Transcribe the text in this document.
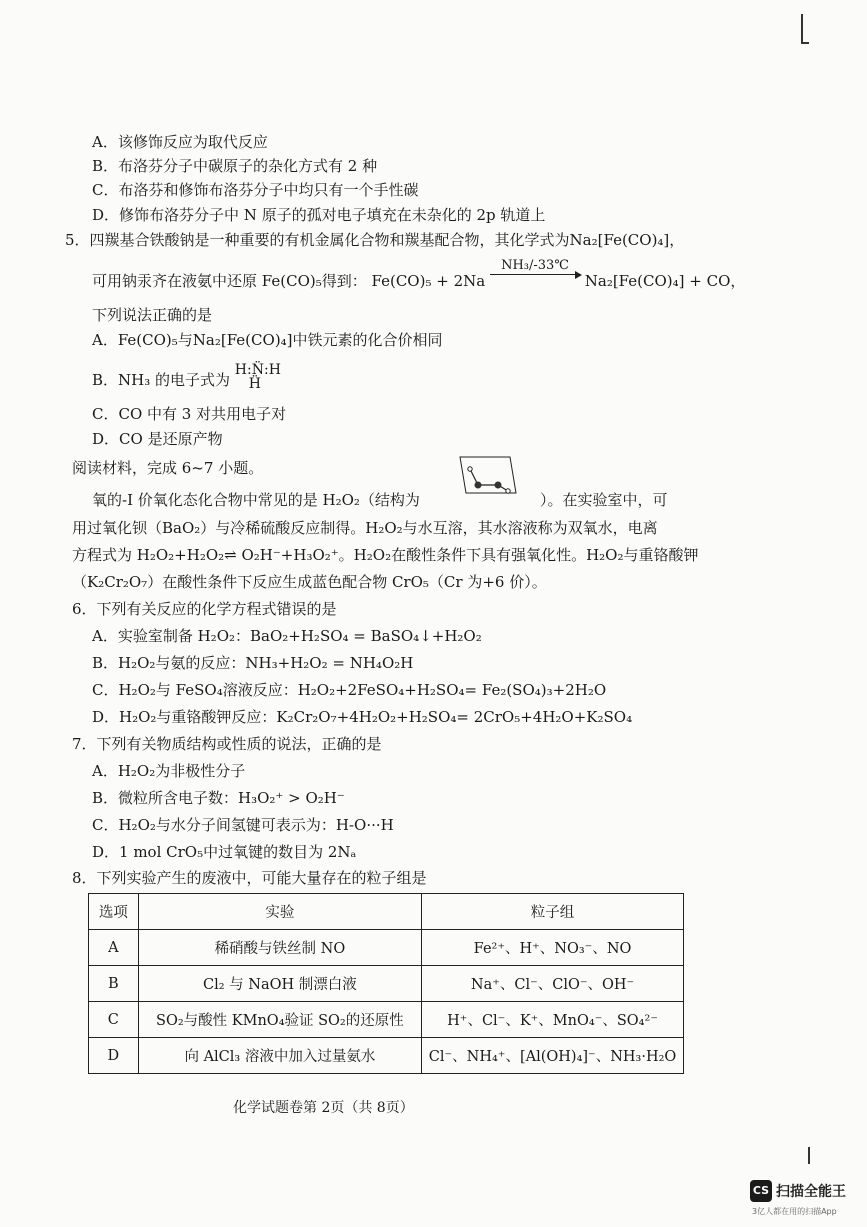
A．该修饰反应为取代反应
B．布洛芬分子中碳原子的杂化方式有 2 种
C．布洛芬和修饰布洛芬分子中均只有一个手性碳
D．修饰布洛芬分子中 N 原子的孤对电子填充在未杂化的 2p 轨道上
5．四羰基合铁酸钠是一种重要的有机金属化合物和羰基配合物，其化学式为Na₂[Fe(CO)₄]，
可用钠汞齐在液氨中还原 Fe(CO)₅得到： Fe(CO)₅ + 2Na
NH₃/-33℃
Na₂[Fe(CO)₄] + CO，
下列说法正确的是
A．Fe(CO)₅与Na₂[Fe(CO)₄]中铁元素的化合价相同
B．NH₃ 的电子式为
H:N̈:H
Ḧ
C．CO 中有 3 对共用电子对
D．CO 是还原产物
阅读材料，完成 6~7 小题。
氧的-I 价氧化态化合物中常见的是 H₂O₂（结构为	）。在实验室中，可
用过氧化钡（BaO₂）与冷稀硫酸反应制得。H₂O₂与水互溶，其水溶液称为双氧水，电离
方程式为 H₂O₂+H₂O₂⇌ O₂H⁻+H₃O₂⁺。H₂O₂在酸性条件下具有强氧化性。H₂O₂与重铬酸钾
（K₂Cr₂O₇）在酸性条件下反应生成蓝色配合物 CrO₅（Cr 为+6 价）。
6．下列有关反应的化学方程式错误的是
A．实验室制备 H₂O₂：BaO₂+H₂SO₄ = BaSO₄↓+H₂O₂
B．H₂O₂与氨的反应：NH₃+H₂O₂ = NH₄O₂H
C．H₂O₂与 FeSO₄溶液反应：H₂O₂+2FeSO₄+H₂SO₄= Fe₂(SO₄)₃+2H₂O
D．H₂O₂与重铬酸钾反应：K₂Cr₂O₇+4H₂O₂+H₂SO₄= 2CrO₅+4H₂O+K₂SO₄
7．下列有关物质结构或性质的说法，正确的是
A．H₂O₂为非极性分子
B．微粒所含电子数：H₃O₂⁺ > O₂H⁻
C．H₂O₂与水分子间氢键可表示为：H-O···H
D．1 mol CrO₅中过氧键的数目为 2Nₐ
8．下列实验产生的废液中，可能大量存在的粒子组是
选项	实验	粒子组
A	稀硝酸与铁丝制 NO	Fe²⁺、H⁺、NO₃⁻、NO
B	Cl₂ 与 NaOH 制漂白液	Na⁺、Cl⁻、ClO⁻、OH⁻
C	SO₂与酸性 KMnO₄验证 SO₂的还原性	H⁺、Cl⁻、K⁺、MnO₄⁻、SO₄²⁻
D	向 AlCl₃ 溶液中加入过量氨水	Cl⁻、NH₄⁺、[Al(OH)₄]⁻、NH₃·H₂O
化学试题卷第 2页（共 8页）
CS 扫描全能王
3亿人都在用的扫描App
